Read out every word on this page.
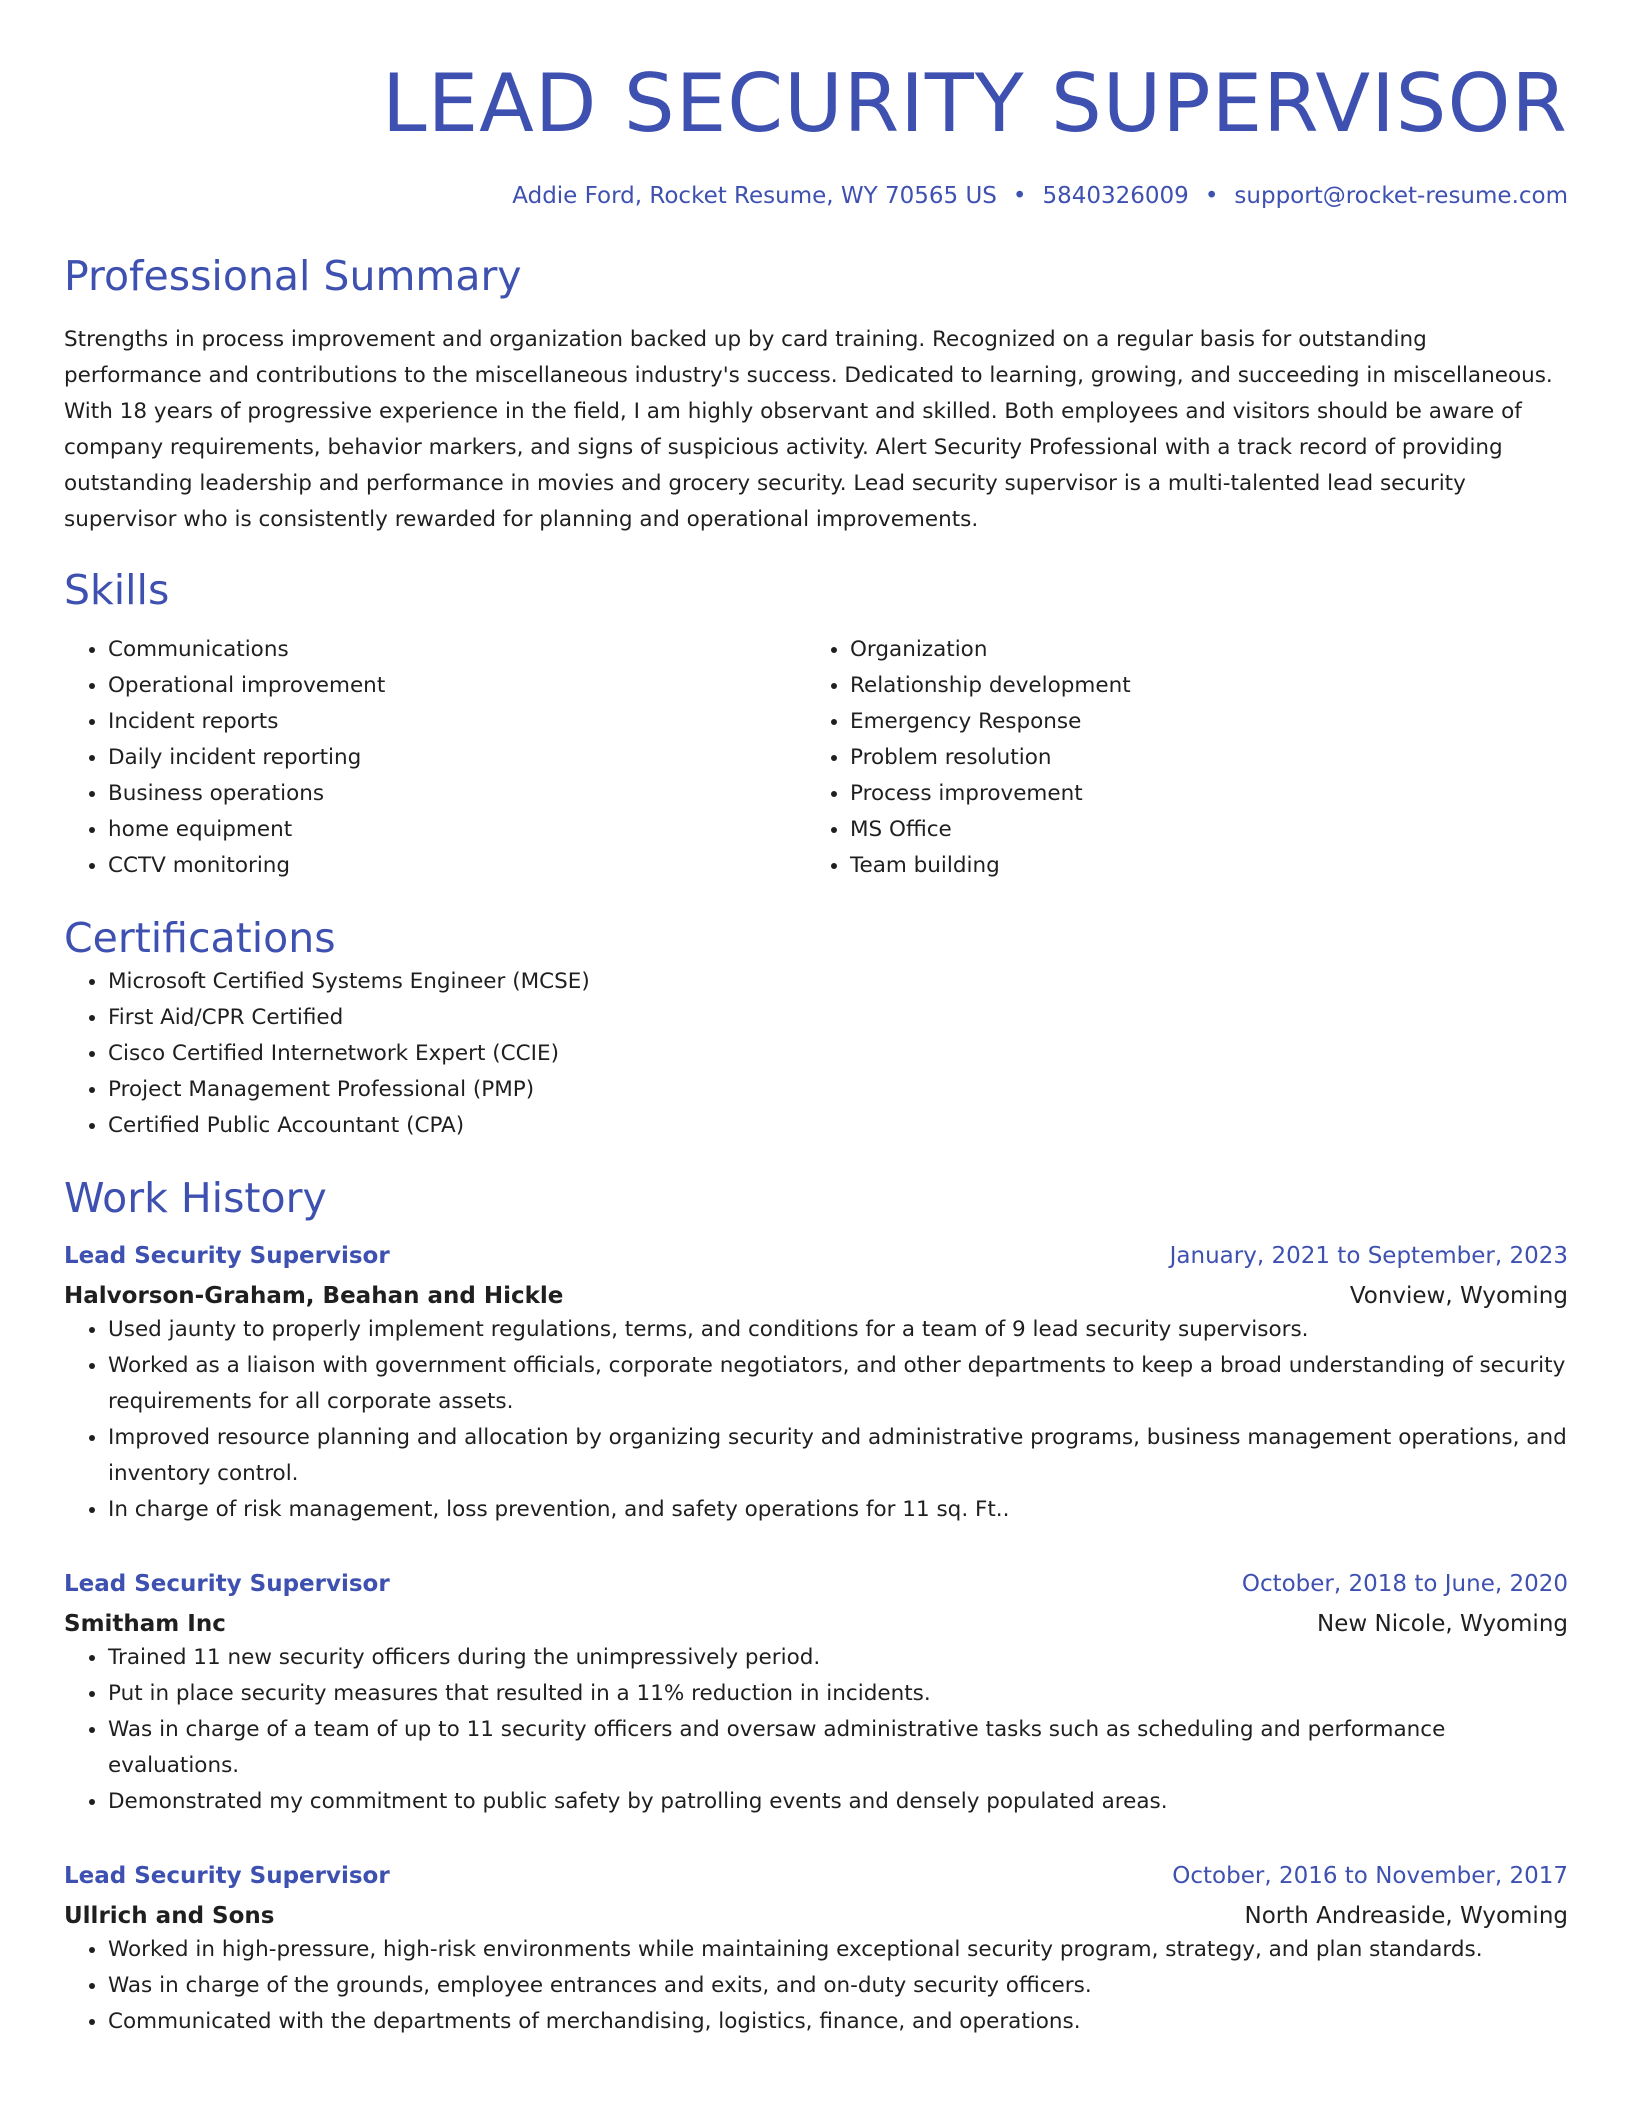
LEAD SECURITY SUPERVISOR
Addie Ford, Rocket Resume, WY 70565 US • 5840326009 • support@rocket-resume.com
Professional Summary

Strengths in process improvement and organization backed up by card training. Recognized on a regular basis for outstanding performance and contributions to the miscellaneous industry's success. Dedicated to learning, growing, and succeeding in miscellaneous. With 18 years of progressive experience in the field, I am highly observant and skilled. Both employees and visitors should be aware of company requirements, behavior markers, and signs of suspicious activity. Alert Security Professional with a track record of providing outstanding leadership and performance in movies and grocery security. Lead security supervisor is a multi-talented lead security supervisor who is consistently rewarded for planning and operational improvements.

Skills
• Communications
• Operational improvement
• Incident reports
• Daily incident reporting
• Business operations
• home equipment
• CCTV monitoring
• Organization
• Relationship development
• Emergency Response
• Problem resolution
• Process improvement
• MS Office
• Team building
Certifications
• Microsoft Certified Systems Engineer (MCSE)
• First Aid/CPR Certified
• Cisco Certified Internetwork Expert (CCIE)
• Project Management Professional (PMP)
• Certified Public Accountant (CPA)
Work History
Lead Security Supervisor	January, 2021 to September, 2023
Halvorson-Graham, Beahan and Hickle	Vonview, Wyoming
• Used jaunty to properly implement regulations, terms, and conditions for a team of 9 lead security supervisors.
• Worked as a liaison with government officials, corporate negotiators, and other departments to keep a broad understanding of security requirements for all corporate assets.
• Improved resource planning and allocation by organizing security and administrative programs, business management operations, and inventory control.
• In charge of risk management, loss prevention, and safety operations for 11 sq. Ft..
Lead Security Supervisor	October, 2018 to June, 2020
Smitham Inc	New Nicole, Wyoming
• Trained 11 new security officers during the unimpressively period.
• Put in place security measures that resulted in a 11% reduction in incidents.
• Was in charge of a team of up to 11 security officers and oversaw administrative tasks such as scheduling and performance evaluations.
• Demonstrated my commitment to public safety by patrolling events and densely populated areas.
Lead Security Supervisor	October, 2016 to November, 2017
Ullrich and Sons	North Andreaside, Wyoming
• Worked in high-pressure, high-risk environments while maintaining exceptional security program, strategy, and plan standards.
• Was in charge of the grounds, employee entrances and exits, and on-duty security officers.
• Communicated with the departments of merchandising, logistics, finance, and operations.
